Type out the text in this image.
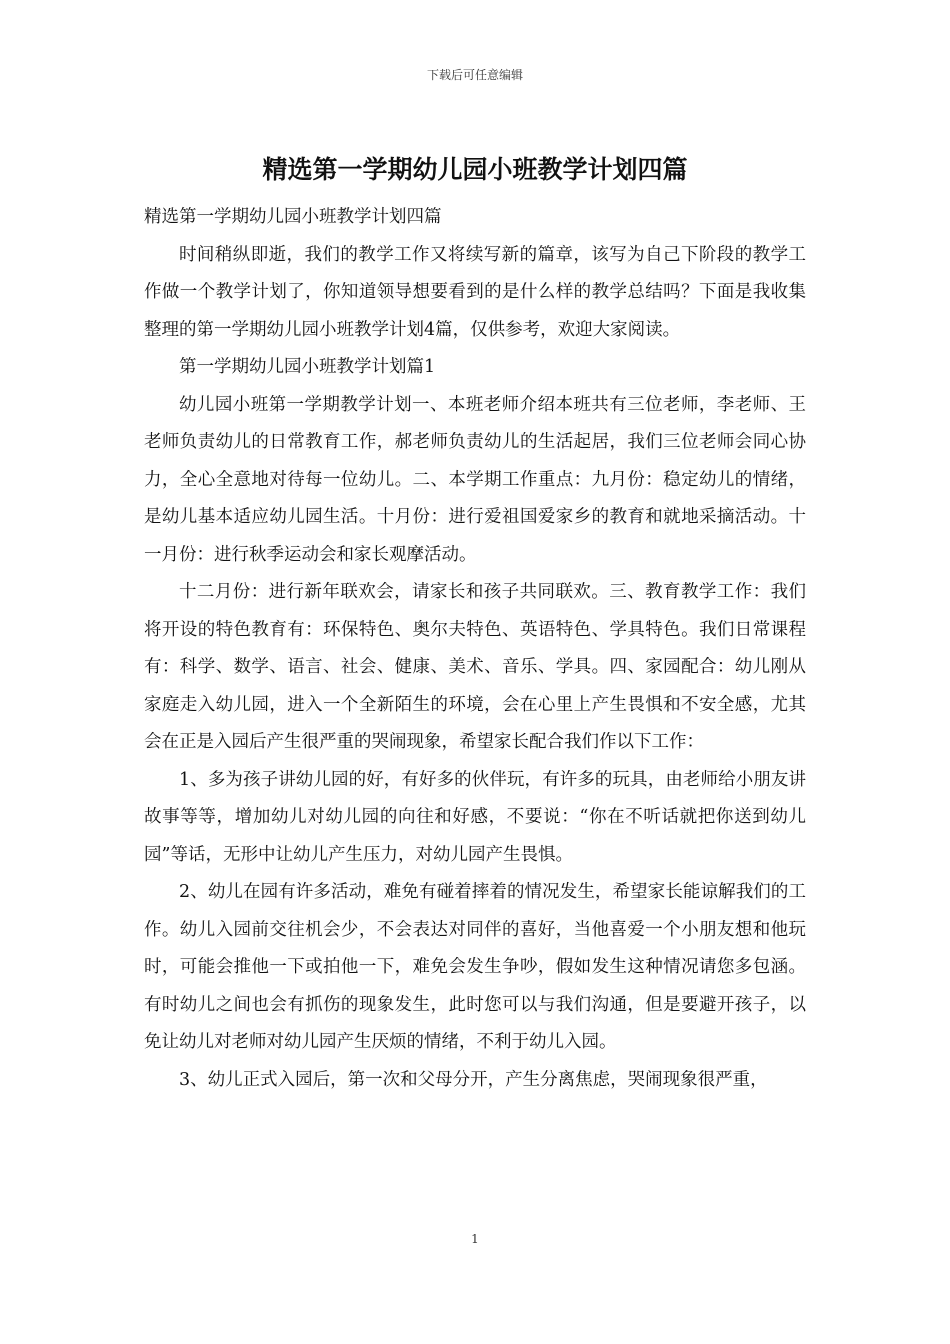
下载后可任意编辑
精选第一学期幼儿园小班教学计划四篇

精选第一学期幼儿园小班教学计划四篇

时间稍纵即逝，我们的教学工作又将续写新的篇章，该写为自己下阶段的教学工作做一个教学计划了，你知道领导想要看到的是什么样的教学总结吗？下面是我收集整理的第一学期幼儿园小班教学计划4篇，仅供参考，欢迎大家阅读。

第一学期幼儿园小班教学计划篇1

幼儿园小班第一学期教学计划一、本班老师介绍本班共有三位老师，李老师、王老师负责幼儿的日常教育工作，郝老师负责幼儿的生活起居，我们三位老师会同心协力，全心全意地对待每一位幼儿。二、本学期工作重点：九月份：稳定幼儿的情绪，是幼儿基本适应幼儿园生活。十月份：进行爱祖国爱家乡的教育和就地采摘活动。十一月份：进行秋季运动会和家长观摩活动。

十二月份：进行新年联欢会，请家长和孩子共同联欢。三、教育教学工作：我们将开设的特色教育有：环保特色、奥尔夫特色、英语特色、学具特色。我们日常课程有：科学、数学、语言、社会、健康、美术、音乐、学具。四、家园配合：幼儿刚从家庭走入幼儿园，进入一个全新陌生的环境，会在心里上产生畏惧和不安全感，尤其会在正是入园后产生很严重的哭闹现象，希望家长配合我们作以下工作：

1、多为孩子讲幼儿园的好，有好多的伙伴玩，有许多的玩具，由老师给小朋友讲故事等等，增加幼儿对幼儿园的向往和好感，不要说：“你在不听话就把你送到幼儿园”等话，无形中让幼儿产生压力，对幼儿园产生畏惧。

2、幼儿在园有许多活动，难免有碰着摔着的情况发生，希望家长能谅解我们的工作。幼儿入园前交往机会少，不会表达对同伴的喜好，当他喜爱一个小朋友想和他玩时，可能会推他一下或拍他一下，难免会发生争吵，假如发生这种情况请您多包涵。有时幼儿之间也会有抓伤的现象发生，此时您可以与我们沟通，但是要避开孩子，以免让幼儿对老师对幼儿园产生厌烦的情绪，不利于幼儿入园。

3、幼儿正式入园后，第一次和父母分开，产生分离焦虑，哭闹现象很严重，

1
